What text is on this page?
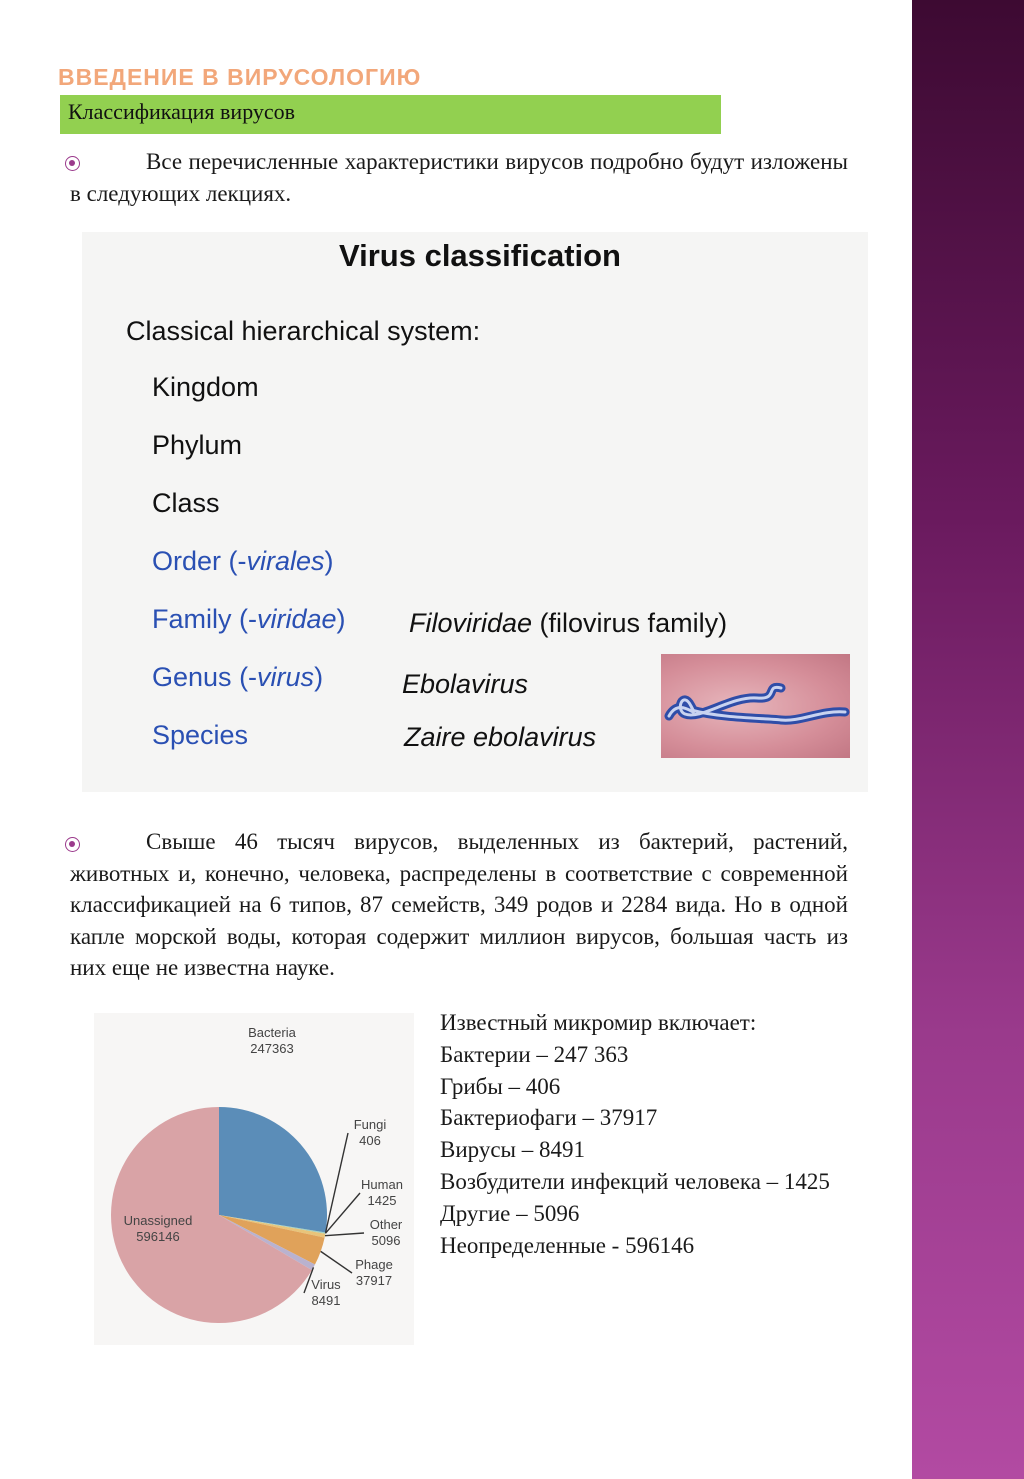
ВВЕДЕНИЕ В ВИРУСОЛОГИЮ
Классификация вирусов
Все перечисленные характеристики вирусов подробно будут изложены в следующих лекциях.
Virus classification
Classical hierarchical system:
Kingdom
Phylum
Class
Order (-virales)
Family (-viridae)
Genus (-virus)
Species
Filoviridae (filovirus family)
Ebolavirus
Zaire ebolavirus
Свыше 46 тысяч вирусов, выделенных из бактерий, растений, животных и, конечно, человека, распределены в соответствие с современной классификацией на 6 типов, 87 семейств, 349 родов и 2284 вида. Но в одной капле морской воды, которая содержит миллион вирусов, большая часть из них еще не известна науке.
Bacteria 247363
Fungi 406
Human 1425
Other 5096
Phage 37917
Virus 8491
Unassigned 596146
Известный микромир включает:
Бактерии – 247 363
Грибы – 406
Бактериофаги – 37917
Вирусы – 8491
Возбудители инфекций человека – 1425
Другие – 5096
Неопределенные - 596146
